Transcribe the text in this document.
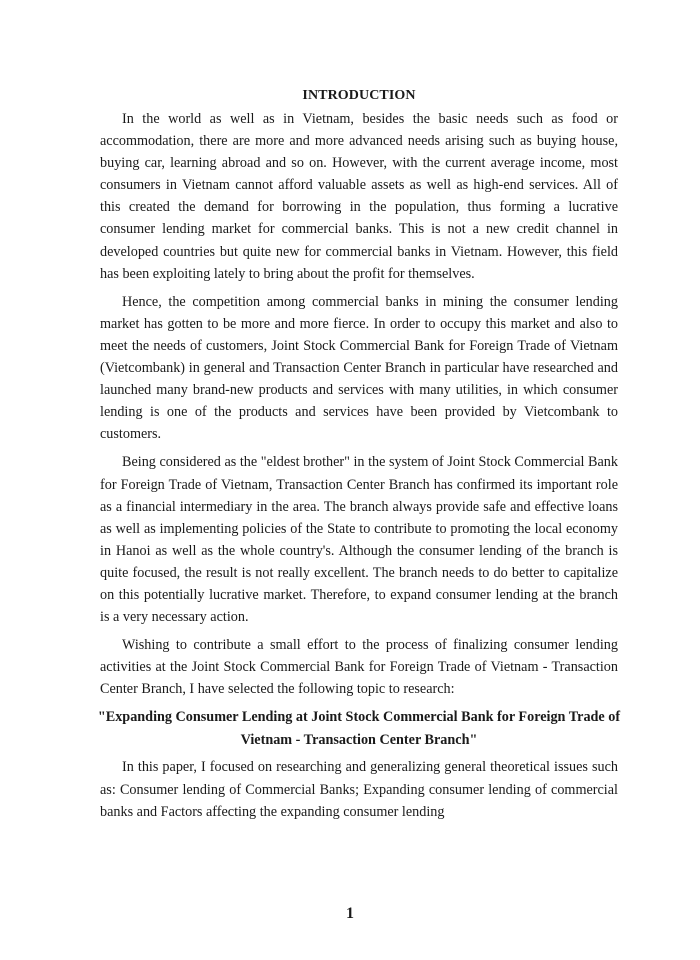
INTRODUCTION

In the world as well as in Vietnam, besides the basic needs such as food or accommodation, there are more and more advanced needs arising such as buying house, buying car, learning abroad and so on. However, with the current average income, most consumers in Vietnam cannot afford valuable assets as well as high-end services. All of this created the demand for borrowing in the population, thus forming a lucrative consumer lending market for commercial banks. This is not a new credit channel in developed countries but quite new for commercial banks in Vietnam. However, this field has been exploiting lately to bring about the profit for themselves.

Hence, the competition among commercial banks in mining the consumer lending market has gotten to be more and more fierce. In order to occupy this market and also to meet the needs of customers, Joint Stock Commercial Bank for Foreign Trade of Vietnam (Vietcombank) in general and Transaction Center Branch in particular have researched and launched many brand-new products and services with many utilities, in which consumer lending is one of the products and services have been provided by Vietcombank to customers.

Being considered as the "eldest brother" in the system of Joint Stock Commercial Bank for Foreign Trade of Vietnam, Transaction Center Branch has confirmed its important role as a financial intermediary in the area. The branch always provide safe and effective loans as well as implementing policies of the State to contribute to promoting the local economy in Hanoi as well as the whole country's. Although the consumer lending of the branch is quite focused, the result is not really excellent. The branch needs to do better to capitalize on this potentially lucrative market. Therefore, to expand consumer lending at the branch is a very necessary action.

Wishing to contribute a small effort to the process of finalizing consumer lending activities at the Joint Stock Commercial Bank for Foreign Trade of Vietnam - Transaction Center Branch, I have selected the following topic to research:

"Expanding Consumer Lending at Joint Stock Commercial Bank for Foreign Trade of Vietnam - Transaction Center Branch"

In this paper, I focused on researching and generalizing general theoretical issues such as: Consumer lending of Commercial Banks; Expanding consumer lending of commercial banks and Factors affecting the expanding consumer lending

1
